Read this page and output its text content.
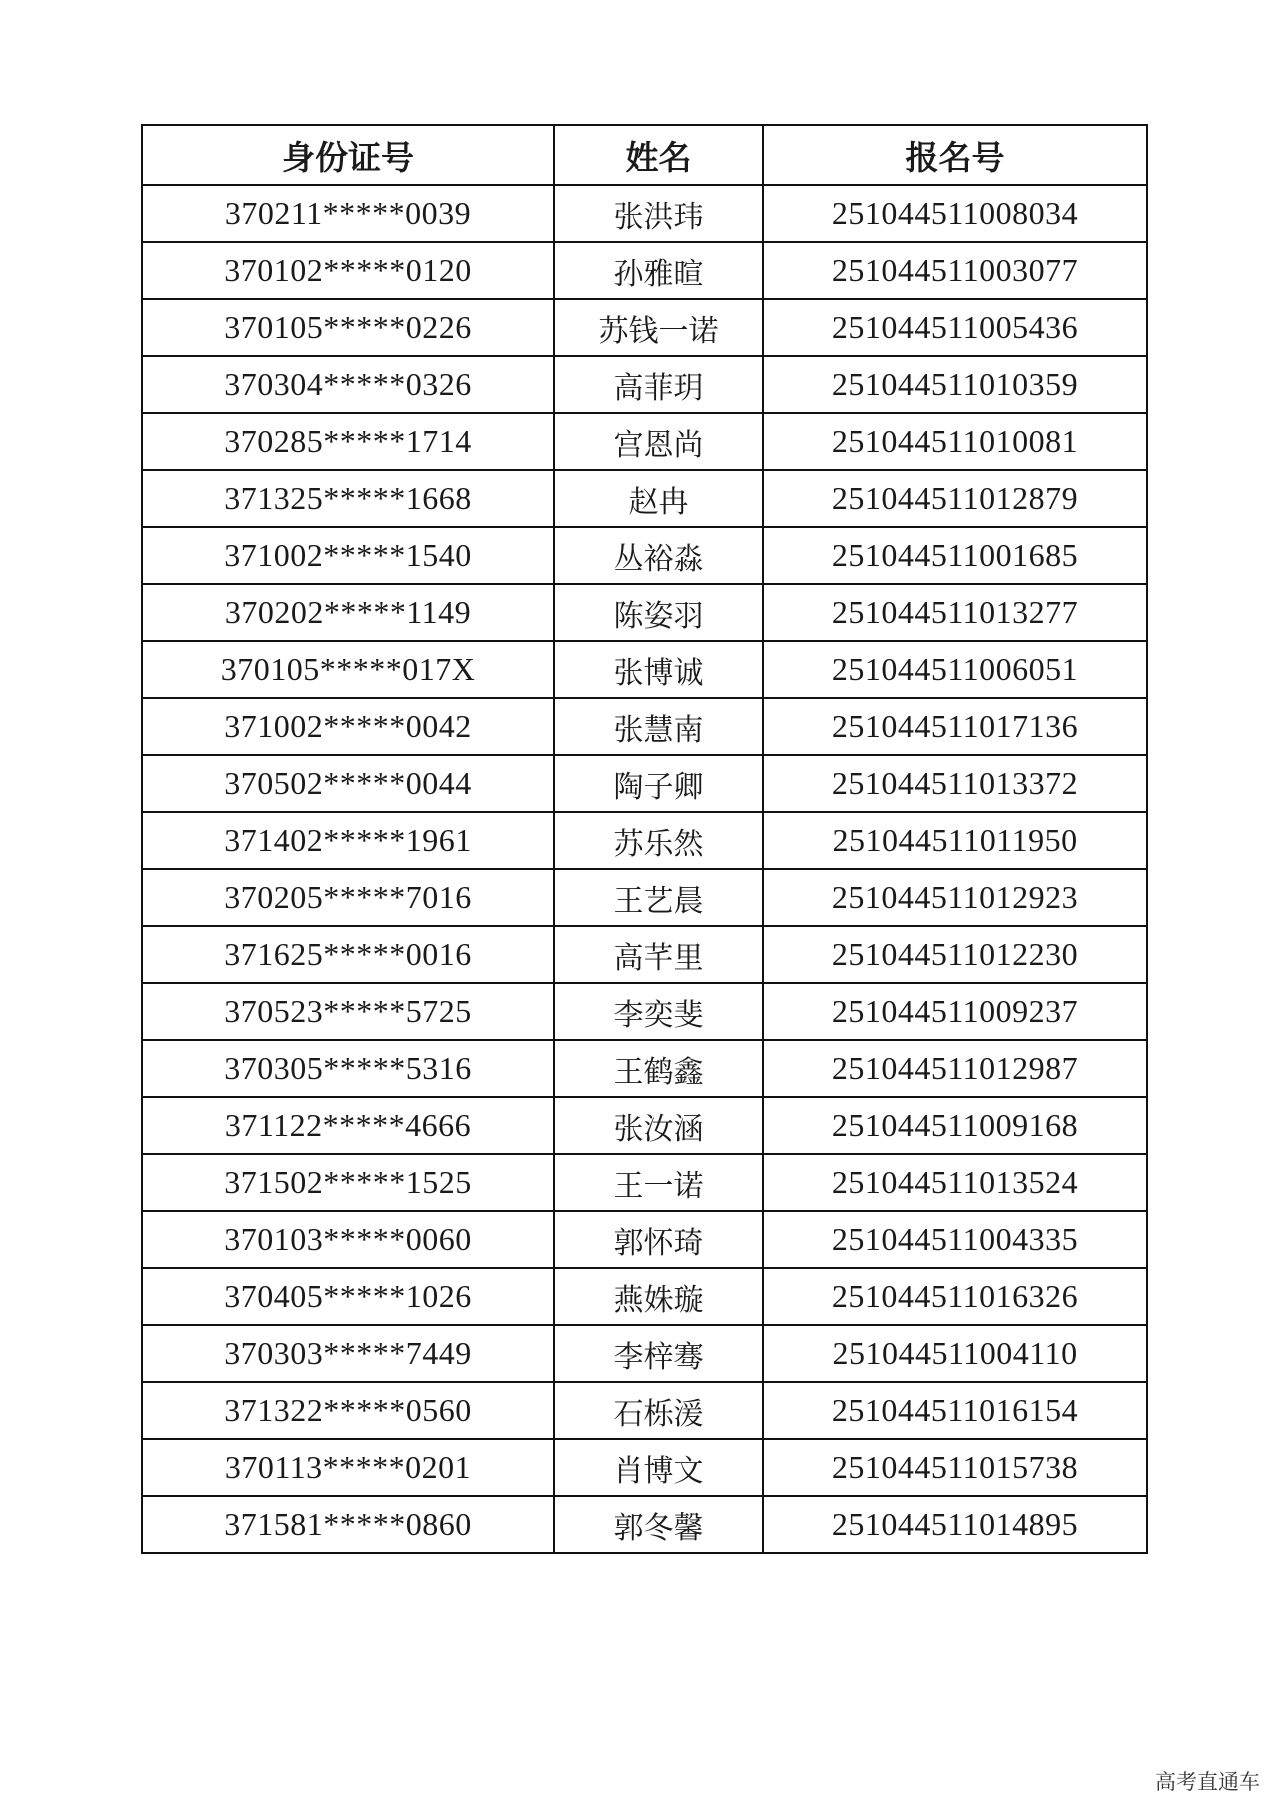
身份证号	姓名	报名号
370211*****0039	张洪玮	251044511008034
370102*****0120	孙雅暄	251044511003077
370105*****0226	苏钱一诺	251044511005436
370304*****0326	高菲玥	251044511010359
370285*****1714	宫恩尚	251044511010081
371325*****1668	赵冉	251044511012879
371002*****1540	丛裕淼	251044511001685
370202*****1149	陈姿羽	251044511013277
370105*****017X	张博诚	251044511006051
371002*****0042	张慧南	251044511017136
370502*****0044	陶子卿	251044511013372
371402*****1961	苏乐然	251044511011950
370205*****7016	王艺晨	251044511012923
371625*****0016	高芊里	251044511012230
370523*****5725	李奕斐	251044511009237
370305*****5316	王鹤鑫	251044511012987
371122*****4666	张汝涵	251044511009168
371502*****1525	王一诺	251044511013524
370103*****0060	郭怀琦	251044511004335
370405*****1026	燕姝璇	251044511016326
370303*****7449	李梓骞	251044511004110
371322*****0560	石栎湲	251044511016154
370113*****0201	肖博文	251044511015738
371581*****0860	郭冬馨	251044511014895
高考直通车
